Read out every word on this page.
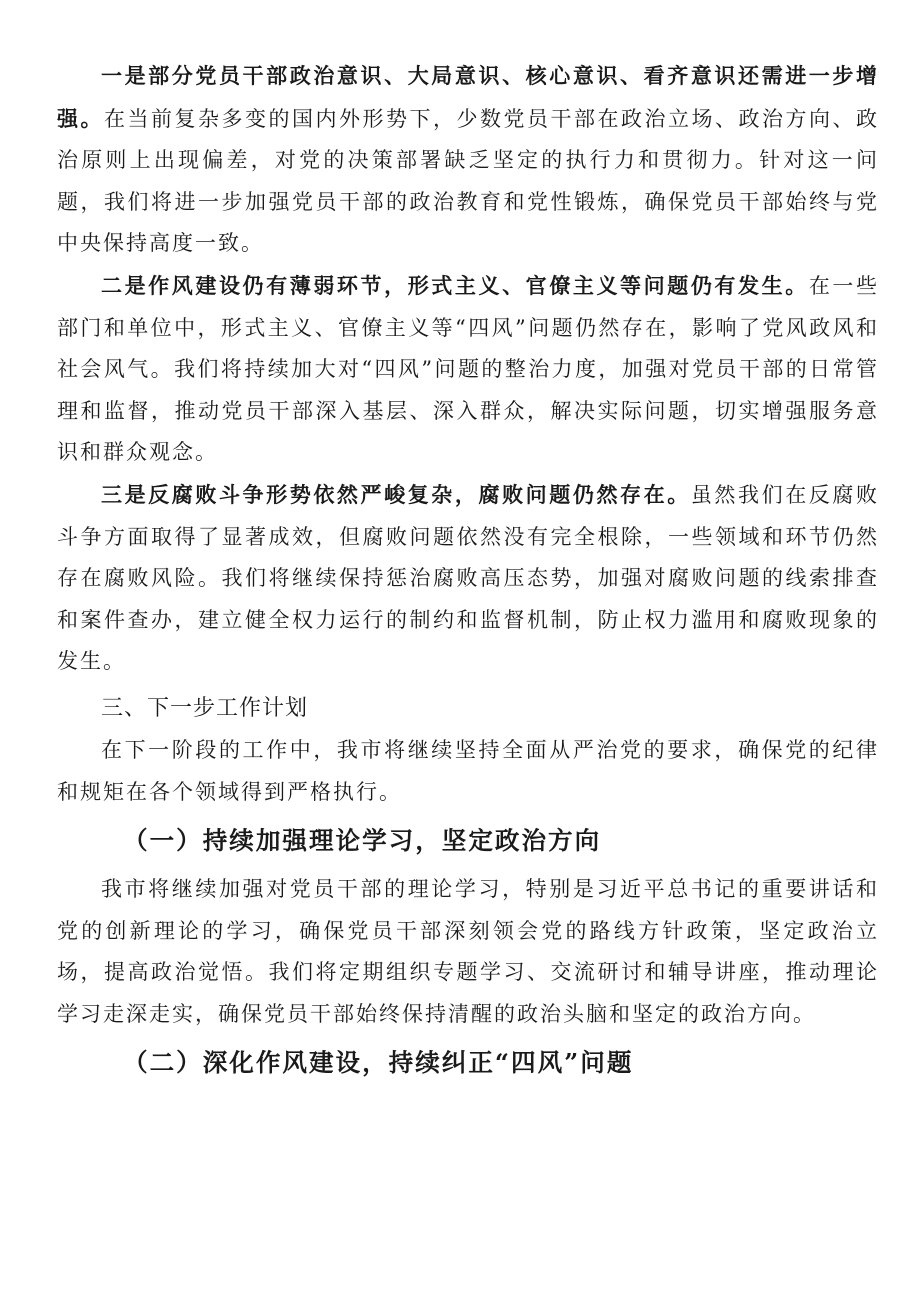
一是部分党员干部政治意识、大局意识、核心意识、看齐意识还需进一步增强。在当前复杂多变的国内外形势下，少数党员干部在政治立场、政治方向、政治原则上出现偏差，对党的决策部署缺乏坚定的执行力和贯彻力。针对这一问题，我们将进一步加强党员干部的政治教育和党性锻炼，确保党员干部始终与党中央保持高度一致。

二是作风建设仍有薄弱环节，形式主义、官僚主义等问题仍有发生。在一些部门和单位中，形式主义、官僚主义等“四风”问题仍然存在，影响了党风政风和社会风气。我们将持续加大对“四风”问题的整治力度，加强对党员干部的日常管理和监督，推动党员干部深入基层、深入群众，解决实际问题，切实增强服务意识和群众观念。

三是反腐败斗争形势依然严峻复杂，腐败问题仍然存在。虽然我们在反腐败斗争方面取得了显著成效，但腐败问题依然没有完全根除，一些领域和环节仍然存在腐败风险。我们将继续保持惩治腐败高压态势，加强对腐败问题的线索排查和案件查办，建立健全权力运行的制约和监督机制，防止权力滥用和腐败现象的发生。

三、下一步工作计划

在下一阶段的工作中，我市将继续坚持全面从严治党的要求，确保党的纪律和规矩在各个领域得到严格执行。

（一）持续加强理论学习，坚定政治方向

我市将继续加强对党员干部的理论学习，特别是习近平总书记的重要讲话和党的创新理论的学习，确保党员干部深刻领会党的路线方针政策，坚定政治立场，提高政治觉悟。我们将定期组织专题学习、交流研讨和辅导讲座，推动理论学习走深走实，确保党员干部始终保持清醒的政治头脑和坚定的政治方向。

（二）深化作风建设，持续纠正“四风”问题
